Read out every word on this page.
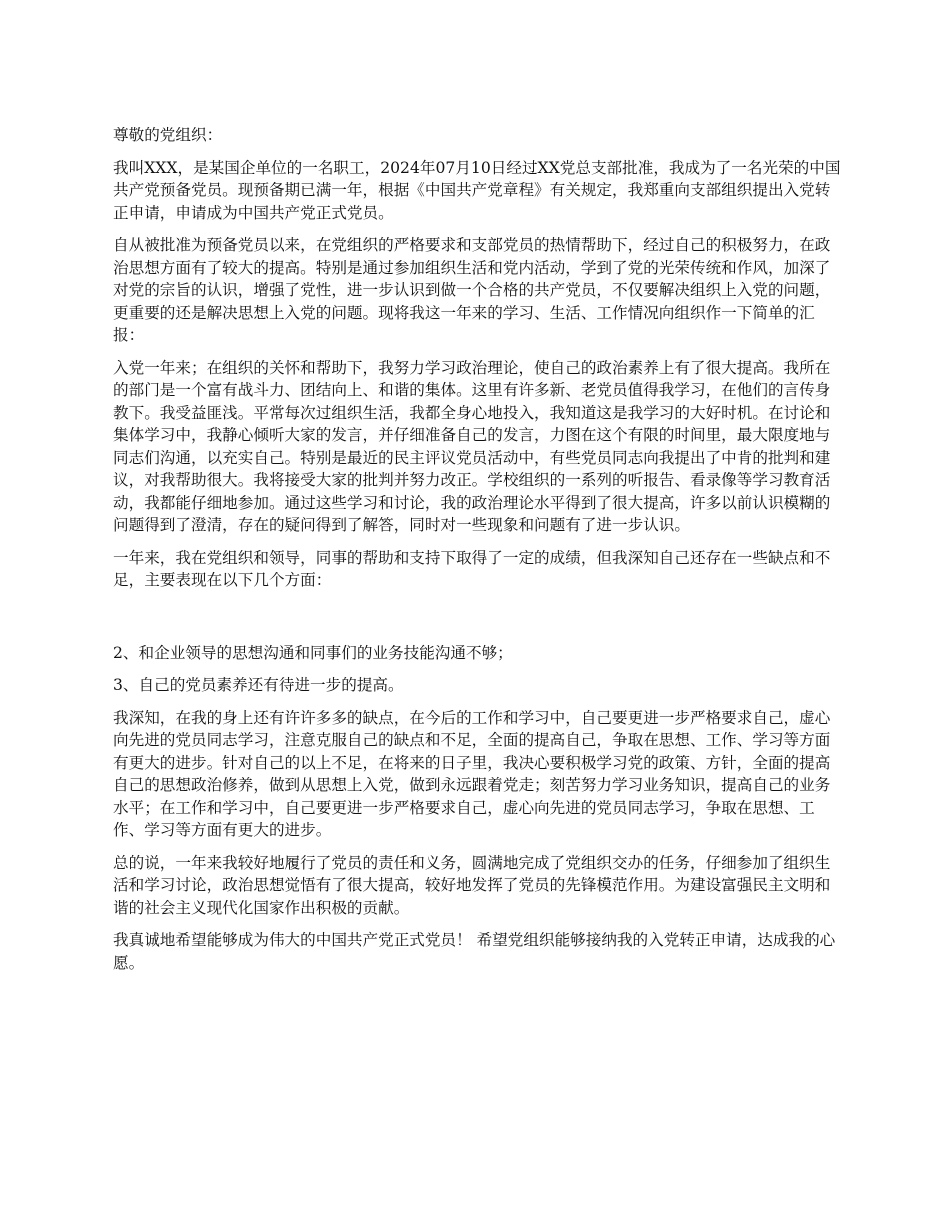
尊敬的党组织：

我叫XXX，是某国企单位的一名职工，2024年07月10日经过XX党总支部批准，我成为了一名光荣的中国共产党预备党员。现预备期已满一年，根据《中国共产党章程》有关规定，我郑重向支部组织提出入党转正申请，申请成为中国共产党正式党员。

自从被批准为预备党员以来，在党组织的严格要求和支部党员的热情帮助下，经过自己的积极努力，在政治思想方面有了较大的提高。特别是通过参加组织生活和党内活动，学到了党的光荣传统和作风，加深了对党的宗旨的认识，增强了党性，进一步认识到做一个合格的共产党员，不仅要解决组织上入党的问题，更重要的还是解决思想上入党的问题。现将我这一年来的学习、生活、工作情况向组织作一下简单的汇报：

入党一年来；在组织的关怀和帮助下，我努力学习政治理论，使自己的政治素养上有了很大提高。我所在的部门是一个富有战斗力、团结向上、和谐的集体。这里有许多新、老党员值得我学习，在他们的言传身教下。我受益匪浅。平常每次过组织生活，我都全身心地投入，我知道这是我学习的大好时机。在讨论和集体学习中，我静心倾听大家的发言，并仔细准备自己的发言，力图在这个有限的时间里，最大限度地与同志们沟通，以充实自己。特别是最近的民主评议党员活动中，有些党员同志向我提出了中肯的批判和建议，对我帮助很大。我将接受大家的批判并努力改正。学校组织的一系列的听报告、看录像等学习教育活动，我都能仔细地参加。通过这些学习和讨论，我的政治理论水平得到了很大提高，许多以前认识模糊的问题得到了澄清，存在的疑问得到了解答，同时对一些现象和问题有了进一步认识。

一年来，我在党组织和领导，同事的帮助和支持下取得了一定的成绩，但我深知自己还存在一些缺点和不足，主要表现在以下几个方面：

2、和企业领导的思想沟通和同事们的业务技能沟通不够；

3、自己的党员素养还有待进一步的提高。

我深知，在我的身上还有许许多多的缺点，在今后的工作和学习中，自己要更进一步严格要求自己，虚心向先进的党员同志学习，注意克服自己的缺点和不足，全面的提高自己，争取在思想、工作、学习等方面有更大的进步。针对自己的以上不足，在将来的日子里，我决心要积极学习党的政策、方针，全面的提高自己的思想政治修养，做到从思想上入党，做到永远跟着党走；刻苦努力学习业务知识，提高自己的业务水平；在工作和学习中，自己要更进一步严格要求自己，虚心向先进的党员同志学习，争取在思想、工作、学习等方面有更大的进步。

总的说，一年来我较好地履行了党员的责任和义务，圆满地完成了党组织交办的任务，仔细参加了组织生活和学习讨论，政治思想觉悟有了很大提高，较好地发挥了党员的先锋模范作用。为建设富强民主文明和谐的社会主义现代化国家作出积极的贡献。

我真诚地希望能够成为伟大的中国共产党正式党员！ 希望党组织能够接纳我的入党转正申请，达成我的心愿。
